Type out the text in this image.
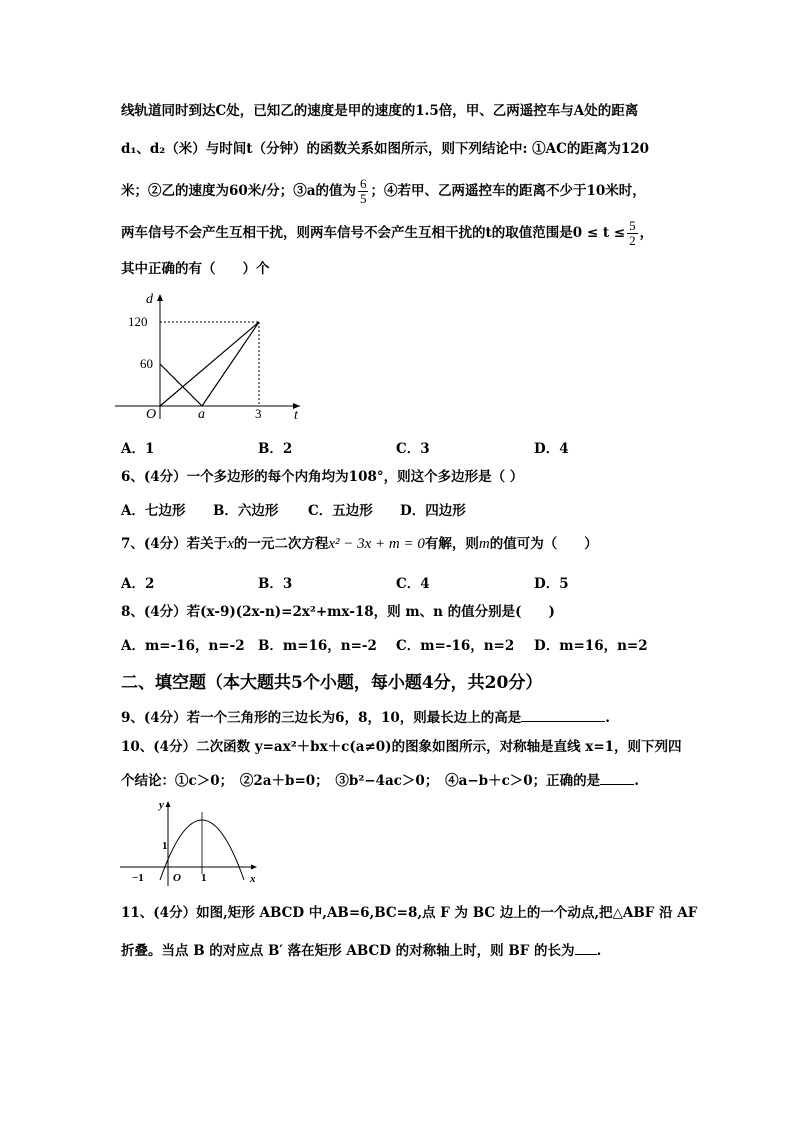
线轨道同时到达C处，已知乙的速度是甲的速度的1.5倍，甲、乙两遥控车与A处的距离
d₁、d₂（米）与时间t（分钟）的函数关系如图所示，则下列结论中: ①AC的距离为120
米；②乙的速度为60米/分；③a的值为 $\frac{6}{5}$ ；④若甲、乙两遥控车的距离不少于10米时，
两车信号不会产生互相干扰，则两车信号不会产生互相干扰的t的取值范围是$0 \le t \le \frac{5}{2}$ ，
其中正确的有（　　）个
d
120
60
O	a	3 t
A．1	B．2	C．3	D．4
6、(4分）一个多边形的每个内角均为108°，则这个多边形是（ ）
A．七边形 B．六边形 C．五边形 D．四边形
7、(4分）若关于x的一元二次方程x² − 3x + m = 0有解，则m的值可为（　　）
A．2	B．3	C．4	D．5
8、(4分）若(x-9)(2x-n)=2x²+mx-18，则 m、n 的值分别是(　　)
A．m=-16，n=-2 B．m=16，n=-2 C．m=-16，n=2 D．m=16，n=2
二、填空题（本大题共5个小题，每小题4分，共20分）
9、(4分）若一个三角形的三边长为6，8，10，则最长边上的高是	.
10、(4分）二次函数 y=ax²＋bx＋c(a≠0)的图象如图所示，对称轴是直线 x=1，则下列四
个结论：①c＞0；　②2a＋b=0；　③b²−4ac＞0；　④a−b＋c＞0；正确的是	.
y
1
−1	O 1	x
11、(4分）如图,矩形 ABCD 中,AB=6,BC=8,点 F 为 BC 边上的一个动点,把△ABF 沿 AF
折叠。当点 B 的对应点 B′ 落在矩形 ABCD 的对称轴上时，则 BF 的长为 .
